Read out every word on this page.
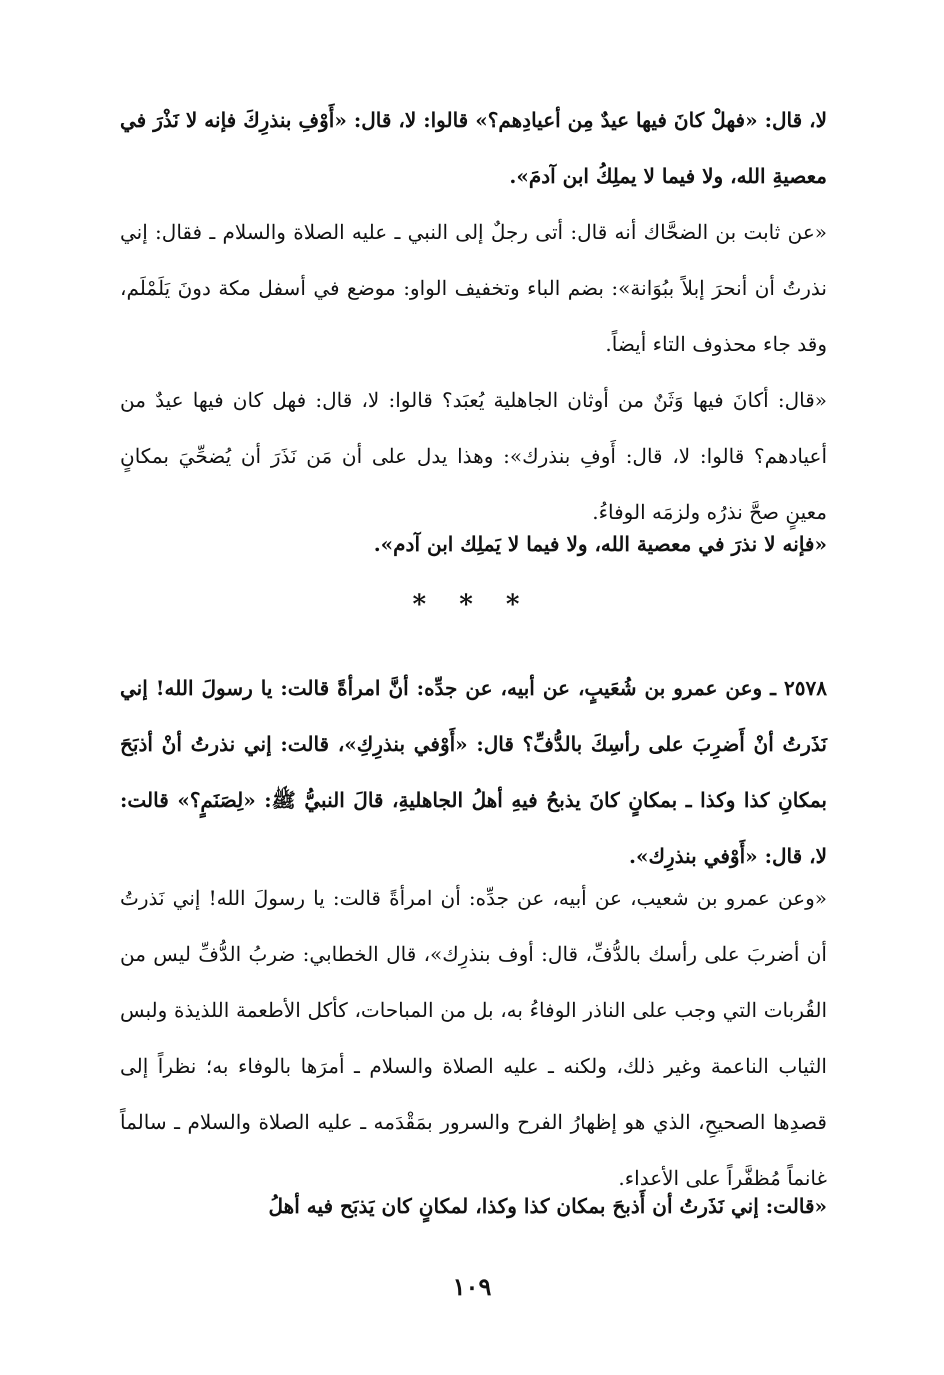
لا، قال: «فهلْ كانَ فيها عيدٌ مِن أعيادِهم؟» قالوا: لا، قال: «أَوْفِ بنذرِكَ فإنه لا نَذْرَ في معصيةِ الله، ولا فيما لا يملِكُ ابن آدمَ».

«عن ثابت بن الضحَّاك أنه قال: أتى رجلٌ إلى النبي ـ عليه الصلاة والسلام ـ فقال: إني نذرتُ أن أنحرَ إبلاً ببُوَانة»: بضم الباء وتخفيف الواو: موضع في أسفل مكة دونَ يَلَمْلَم، وقد جاء محذوف التاء أيضاً.

«قال: أكانَ فيها وَثَنٌ من أوثان الجاهلية يُعبَد؟ قالوا: لا، قال: فهل كان فيها عيدٌ من أعيادهم؟ قالوا: لا، قال: أَوفِ بنذرك»: وهذا يدل على أن مَن نَذَرَ أن يُضحِّيَ بمكانٍ معينٍ صحَّ نذرُه ولزمَه الوفاءُ.

«فإنه لا نذرَ في معصية الله، ولا فيما لا يَملِك ابن آدم».

* * *

٢٥٧٨ ـ وعن عمرو بن شُعَيبٍ، عن أبيه، عن جدِّه: أنَّ امرأةً قالت: يا رسولَ الله! إني نَذَرتُ أنْ أَضرِبَ على رأسِكَ بالدُّفِّ؟ قال: «أَوْفي بنذرِكِ»، قالت: إني نذرتُ أنْ أذبَحَ بمكانِ كذا وكذا ـ بمكانٍ كانَ يذبحُ فيهِ أهلُ الجاهليةِ، قالَ النبيُّ ﷺ: «لِصَنَمٍ؟» قالت: لا، قال: «أَوْفي بنذرِك».

«وعن عمرو بن شعيب، عن أبيه، عن جدِّه: أن امرأةً قالت: يا رسولَ الله! إني نَذرتُ أن أضربَ على رأسك بالدُّفِّ، قال: أوف بنذرِك»، قال الخطابي: ضربُ الدُّفِّ ليس من القُربات التي وجب على الناذر الوفاءُ به، بل من المباحات، كأكل الأطعمة اللذيذة ولبس الثياب الناعمة وغير ذلك، ولكنه ـ عليه الصلاة والسلام ـ أمرَها بالوفاء به؛ نظراً إلى قصدِها الصحيحِ، الذي هو إظهارُ الفرح والسرور بمَقْدَمه ـ عليه الصلاة والسلام ـ سالماً غانماً مُظفَّراً على الأعداء.

«قالت: إني نَذَرتُ أن أَذبحَ بمكان كذا وكذا، لمكانٍ كان يَذبَح فيه أهلُ

١٠٩
